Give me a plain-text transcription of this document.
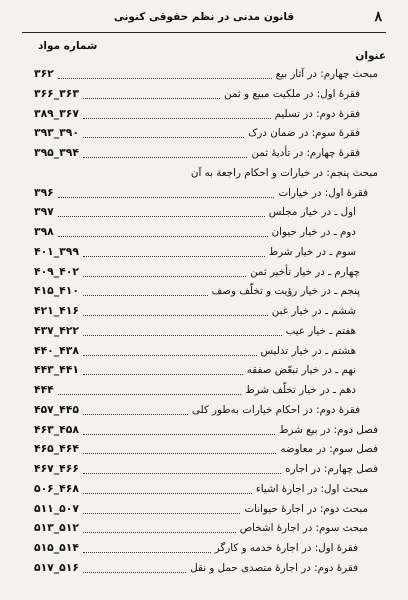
۸
قانون مدنی در نظم حقوقی کنونی
عنوان
شماره مواد
مبحث چهارم: در آثار بیع
۳۶۲
فقرهٔ اول: در ملکیت مبیع و ثمن
۳۶۶_۳۶۳
فقرهٔ دوم: در تسلیم
۳۸۹_۳۶۷
فقرهٔ سوم: در ضمان درک
۳۹۳_۳۹۰
فقرهٔ چهارم: در تأدیهٔ ثمن
۳۹۵_۳۹۴
مبحث پنجم: در خیارات و احکام راجعة به آن
فقرهٔ اول: در خیارات
۳۹۶
اول ـ در خیار مجلس
۳۹۷
دوم ـ در خیار حیوان
۳۹۸
سوم ـ در خیار شرط
۴۰۱_۳۹۹
چهارم ـ در خیار تأخیر ثمن
۴۰۹_۴۰۲
پنجم ـ در خیار رؤیت و تخلّف وصف
۴۱۵_۴۱۰
ششم ـ در خیار غبن
۴۲۱_۴۱۶
هفتم ـ خیار عیب
۴۳۷_۴۲۲
هشتم ـ در خیار تدلیس
۴۴۰_۴۳۸
نهم ـ در خیار تبعّض صفقه
۴۴۳_۴۴۱
دهم ـ در خیار تخلّف شرط
۴۴۴
فقرهٔ دوم: در احکام خیارات به‌طور کلی
۴۵۷_۴۴۵
فصل دوم: در بیع شرط
۴۶۳_۴۵۸
فصل سوم: در معاوضه
۴۶۵_۴۶۴
فصل چهارم: در اجاره
۴۶۷_۴۶۶
مبحث اول: در اجارهٔ اشیاء
۵۰۶_۴۶۸
مبحث دوم: در اجارهٔ حیوانات
۵۱۱_۵۰۷
مبحث سوم: در اجارهٔ اشخاص
۵۱۳_۵۱۲
فقرهٔ اول: در اجارهٔ خدمه و کارگر
۵۱۵_۵۱۴
فقرهٔ دوم: در اجارهٔ متصدی حمل و نقل
۵۱۷_۵۱۶
